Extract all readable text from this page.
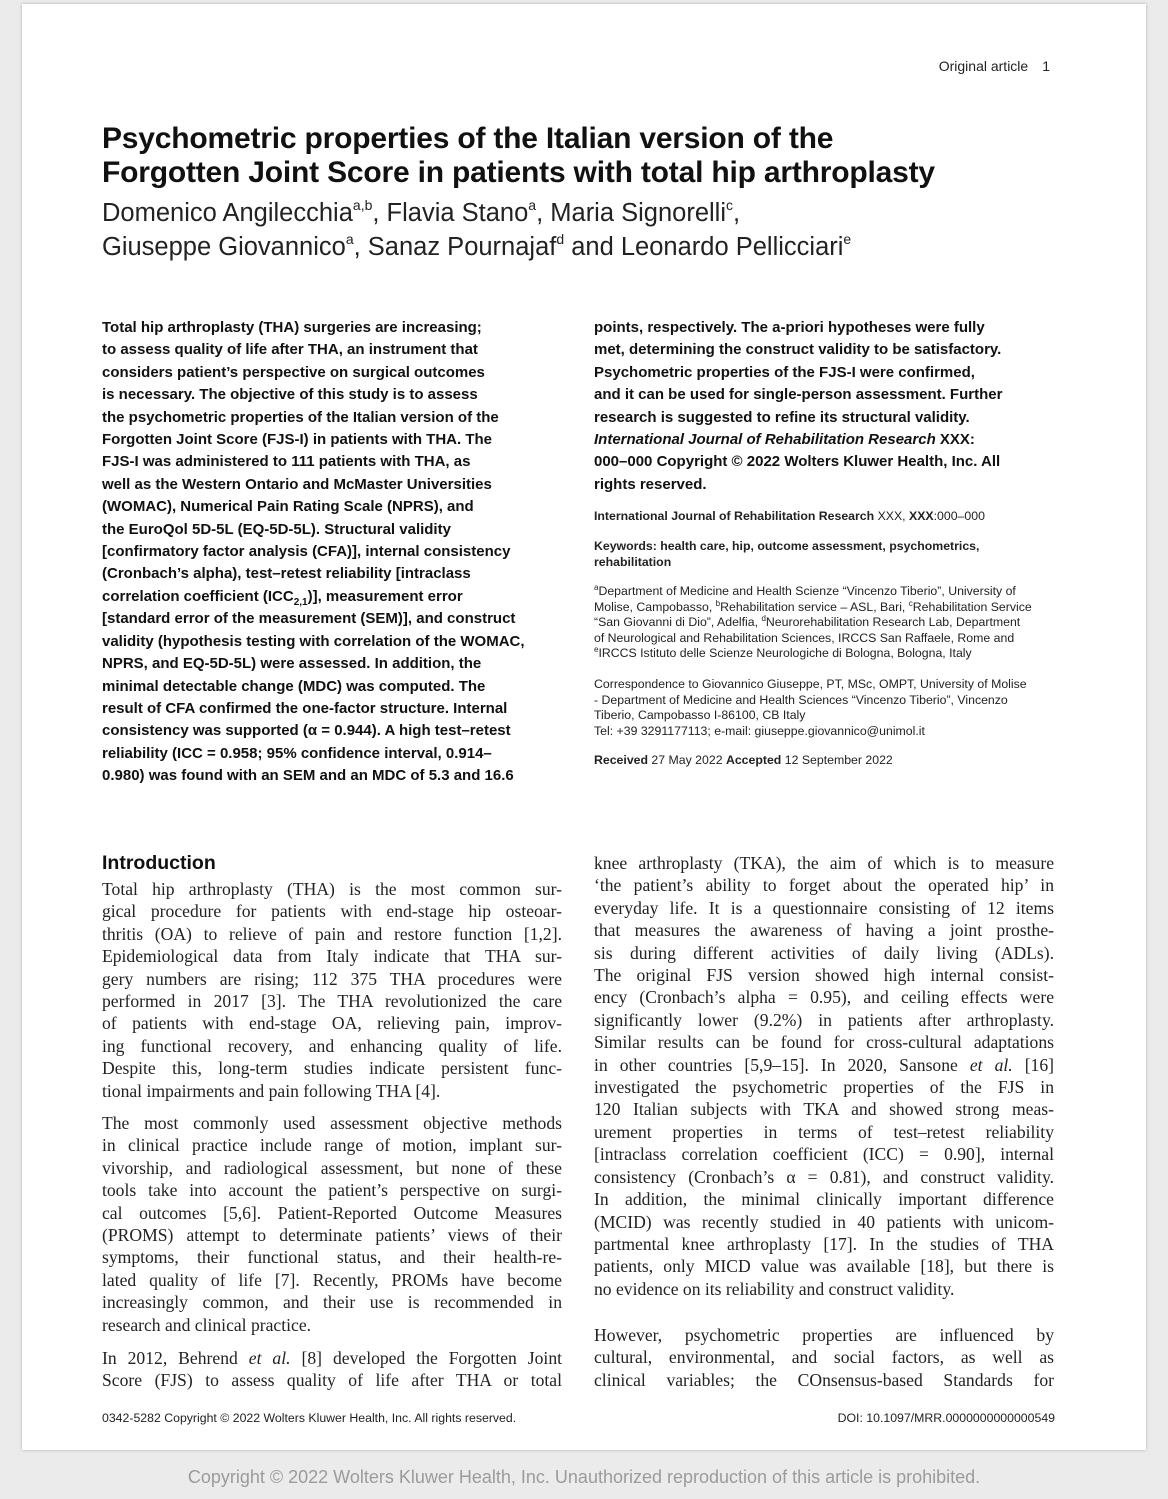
Original article 1
Psychometric properties of the Italian version of the
Forgotten Joint Score in patients with total hip arthroplasty
Domenico Angilecchia$^{a,b}$, Flavia Stano$^a$, Maria Signorelli$^c$,
Giuseppe Giovannico$^a$, Sanaz Pournajaf$^d$ and Leonardo Pellicciari$^e$
Total hip arthroplasty (THA) surgeries are increasing;
to assess quality of life after THA, an instrument that
considers patient’s perspective on surgical outcomes
is necessary. The objective of this study is to assess
the psychometric properties of the Italian version of the
Forgotten Joint Score (FJS-I) in patients with THA. The
FJS-I was administered to 111 patients with THA, as
well as the Western Ontario and McMaster Universities
(WOMAC), Numerical Pain Rating Scale (NPRS), and
the EuroQol 5D-5L (EQ-5D-5L). Structural validity
[confirmatory factor analysis (CFA)], internal consistency
(Cronbach’s alpha), test–retest reliability [intraclass
correlation coefficient $(ICC_{2,1})$], measurement error
[standard error of the measurement (SEM)], and construct
validity (hypothesis testing with correlation of the WOMAC,
NPRS, and EQ-5D-5L) were assessed. In addition, the
minimal detectable change (MDC) was computed. The
result of CFA confirmed the one-factor structure. Internal
consistency was supported (α = 0.944). A high test–retest
reliability (ICC = 0.958; 95% confidence interval, 0.914–
0.980) was found with an SEM and an MDC of 5.3 and 16.6
points, respectively. The a-priori hypotheses were fully
met, determining the construct validity to be satisfactory.
Psychometric properties of the FJS-I were confirmed,
and it can be used for single-person assessment. Further
research is suggested to refine its structural validity.
International Journal of Rehabilitation Research XXX:
000–000 Copyright © 2022 Wolters Kluwer Health, Inc. All
rights reserved.
International Journal of Rehabilitation Research XXX, XXX:000–000
Keywords: health care, hip, outcome assessment, psychometrics,
rehabilitation
$^a$Department of Medicine and Health Scienze “Vincenzo Tiberio”, University of
Molise, Campobasso, $^b$Rehabilitation service – ASL, Bari, $^c$Rehabilitation Service
“San Giovanni di Dio”, Adelfia, $^d$Neurorehabilitation Research Lab, Department
of Neurological and Rehabilitation Sciences, IRCCS San Raffaele, Rome and
$^e$IRCCS Istituto delle Scienze Neurologiche di Bologna, Bologna, Italy
Correspondence to Giovannico Giuseppe, PT, MSc, OMPT, University of Molise
- Department of Medicine and Health Sciences “Vincenzo Tiberio”, Vincenzo
Tiberio, Campobasso I-86100, CB Italy
Tel: +39 3291177113; e-mail: giuseppe.giovannico@unimol.it
Received 27 May 2022 Accepted 12 September 2022
Introduction
Total hip arthroplasty (THA) is the most common sur-
gical procedure for patients with end-stage hip osteoar-
thritis (OA) to relieve of pain and restore function [1,2].
Epidemiological data from Italy indicate that THA sur-
gery numbers are rising; 112 375 THA procedures were
performed in 2017 [3]. The THA revolutionized the care
of patients with end-stage OA, relieving pain, improv-
ing functional recovery, and enhancing quality of life.
Despite this, long-term studies indicate persistent func-
tional impairments and pain following THA [4].
The most commonly used assessment objective methods
in clinical practice include range of motion, implant sur-
vivorship, and radiological assessment, but none of these
tools take into account the patient’s perspective on surgi-
cal outcomes [5,6]. Patient-Reported Outcome Measures
(PROMS) attempt to determinate patients’ views of their
symptoms, their functional status, and their health-re-
lated quality of life [7]. Recently, PROMs have become
increasingly common, and their use is recommended in
research and clinical practice.
In 2012, Behrend et al. [8] developed the Forgotten Joint
Score (FJS) to assess quality of life after THA or total
knee arthroplasty (TKA), the aim of which is to measure
‘the patient’s ability to forget about the operated hip’ in
everyday life. It is a questionnaire consisting of 12 items
that measures the awareness of having a joint prosthe-
sis during different activities of daily living (ADLs).
The original FJS version showed high internal consist-
ency (Cronbach’s alpha = 0.95), and ceiling effects were
significantly lower (9.2%) in patients after arthroplasty.
Similar results can be found for cross-cultural adaptations
in other countries [5,9–15]. In 2020, Sansone et al. [16]
investigated the psychometric properties of the FJS in
120 Italian subjects with TKA and showed strong meas-
urement properties in terms of test–retest reliability
[intraclass correlation coefficient (ICC) = 0.90], internal
consistency (Cronbach’s α = 0.81), and construct validity.
In addition, the minimal clinically important difference
(MCID) was recently studied in 40 patients with unicom-
partmental knee arthroplasty [17]. In the studies of THA
patients, only MICD value was available [18], but there is
no evidence on its reliability and construct validity.
However, psychometric properties are influenced by
cultural, environmental, and social factors, as well as
clinical variables; the COnsensus-based Standards for
0342-5282 Copyright © 2022 Wolters Kluwer Health, Inc. All rights reserved.	DOI: 10.1097/MRR.0000000000000549
Copyright © 2022 Wolters Kluwer Health, Inc. Unauthorized reproduction of this article is prohibited.
